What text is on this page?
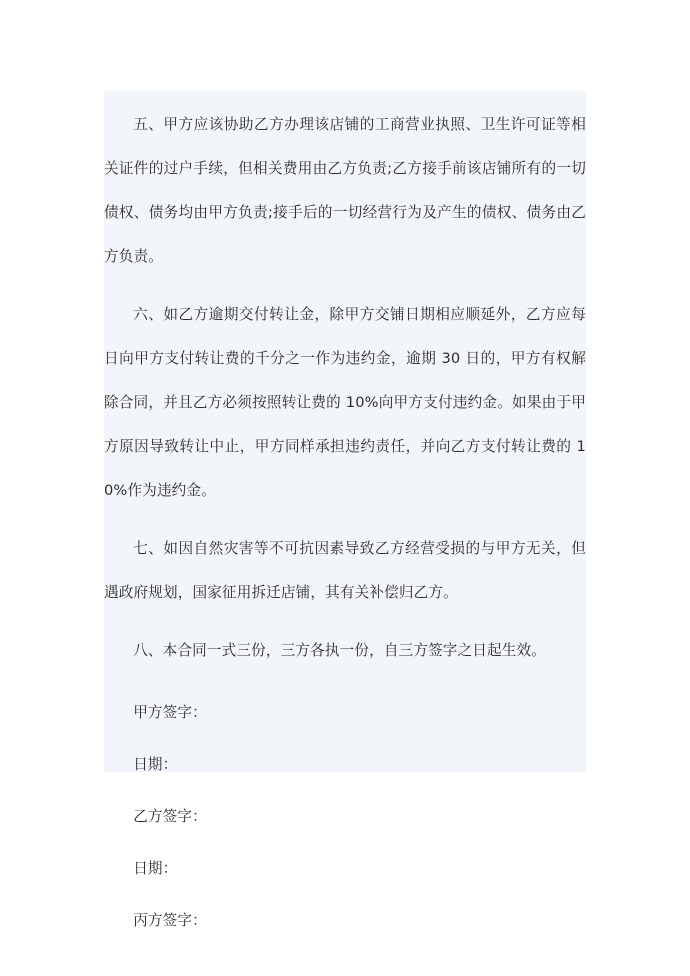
五、甲方应该协助乙方办理该店铺的工商营业执照、卫生许可证等相关证件的过户手续，但相关费用由乙方负责;乙方接手前该店铺所有的一切债权、债务均由甲方负责;接手后的一切经营行为及产生的债权、债务由乙方负责。

六、如乙方逾期交付转让金，除甲方交铺日期相应顺延外，乙方应每日向甲方支付转让费的千分之一作为违约金，逾期 30 日的，甲方有权解除合同，并且乙方必须按照转让费的 10%向甲方支付违约金。如果由于甲方原因导致转让中止，甲方同样承担违约责任，并向乙方支付转让费的 10%作为违约金。

七、如因自然灾害等不可抗因素导致乙方经营受损的与甲方无关，但遇政府规划，国家征用拆迁店铺，其有关补偿归乙方。

八、本合同一式三份，三方各执一份，自三方签字之日起生效。

甲方签字：

日期：

乙方签字：

日期：

丙方签字：
